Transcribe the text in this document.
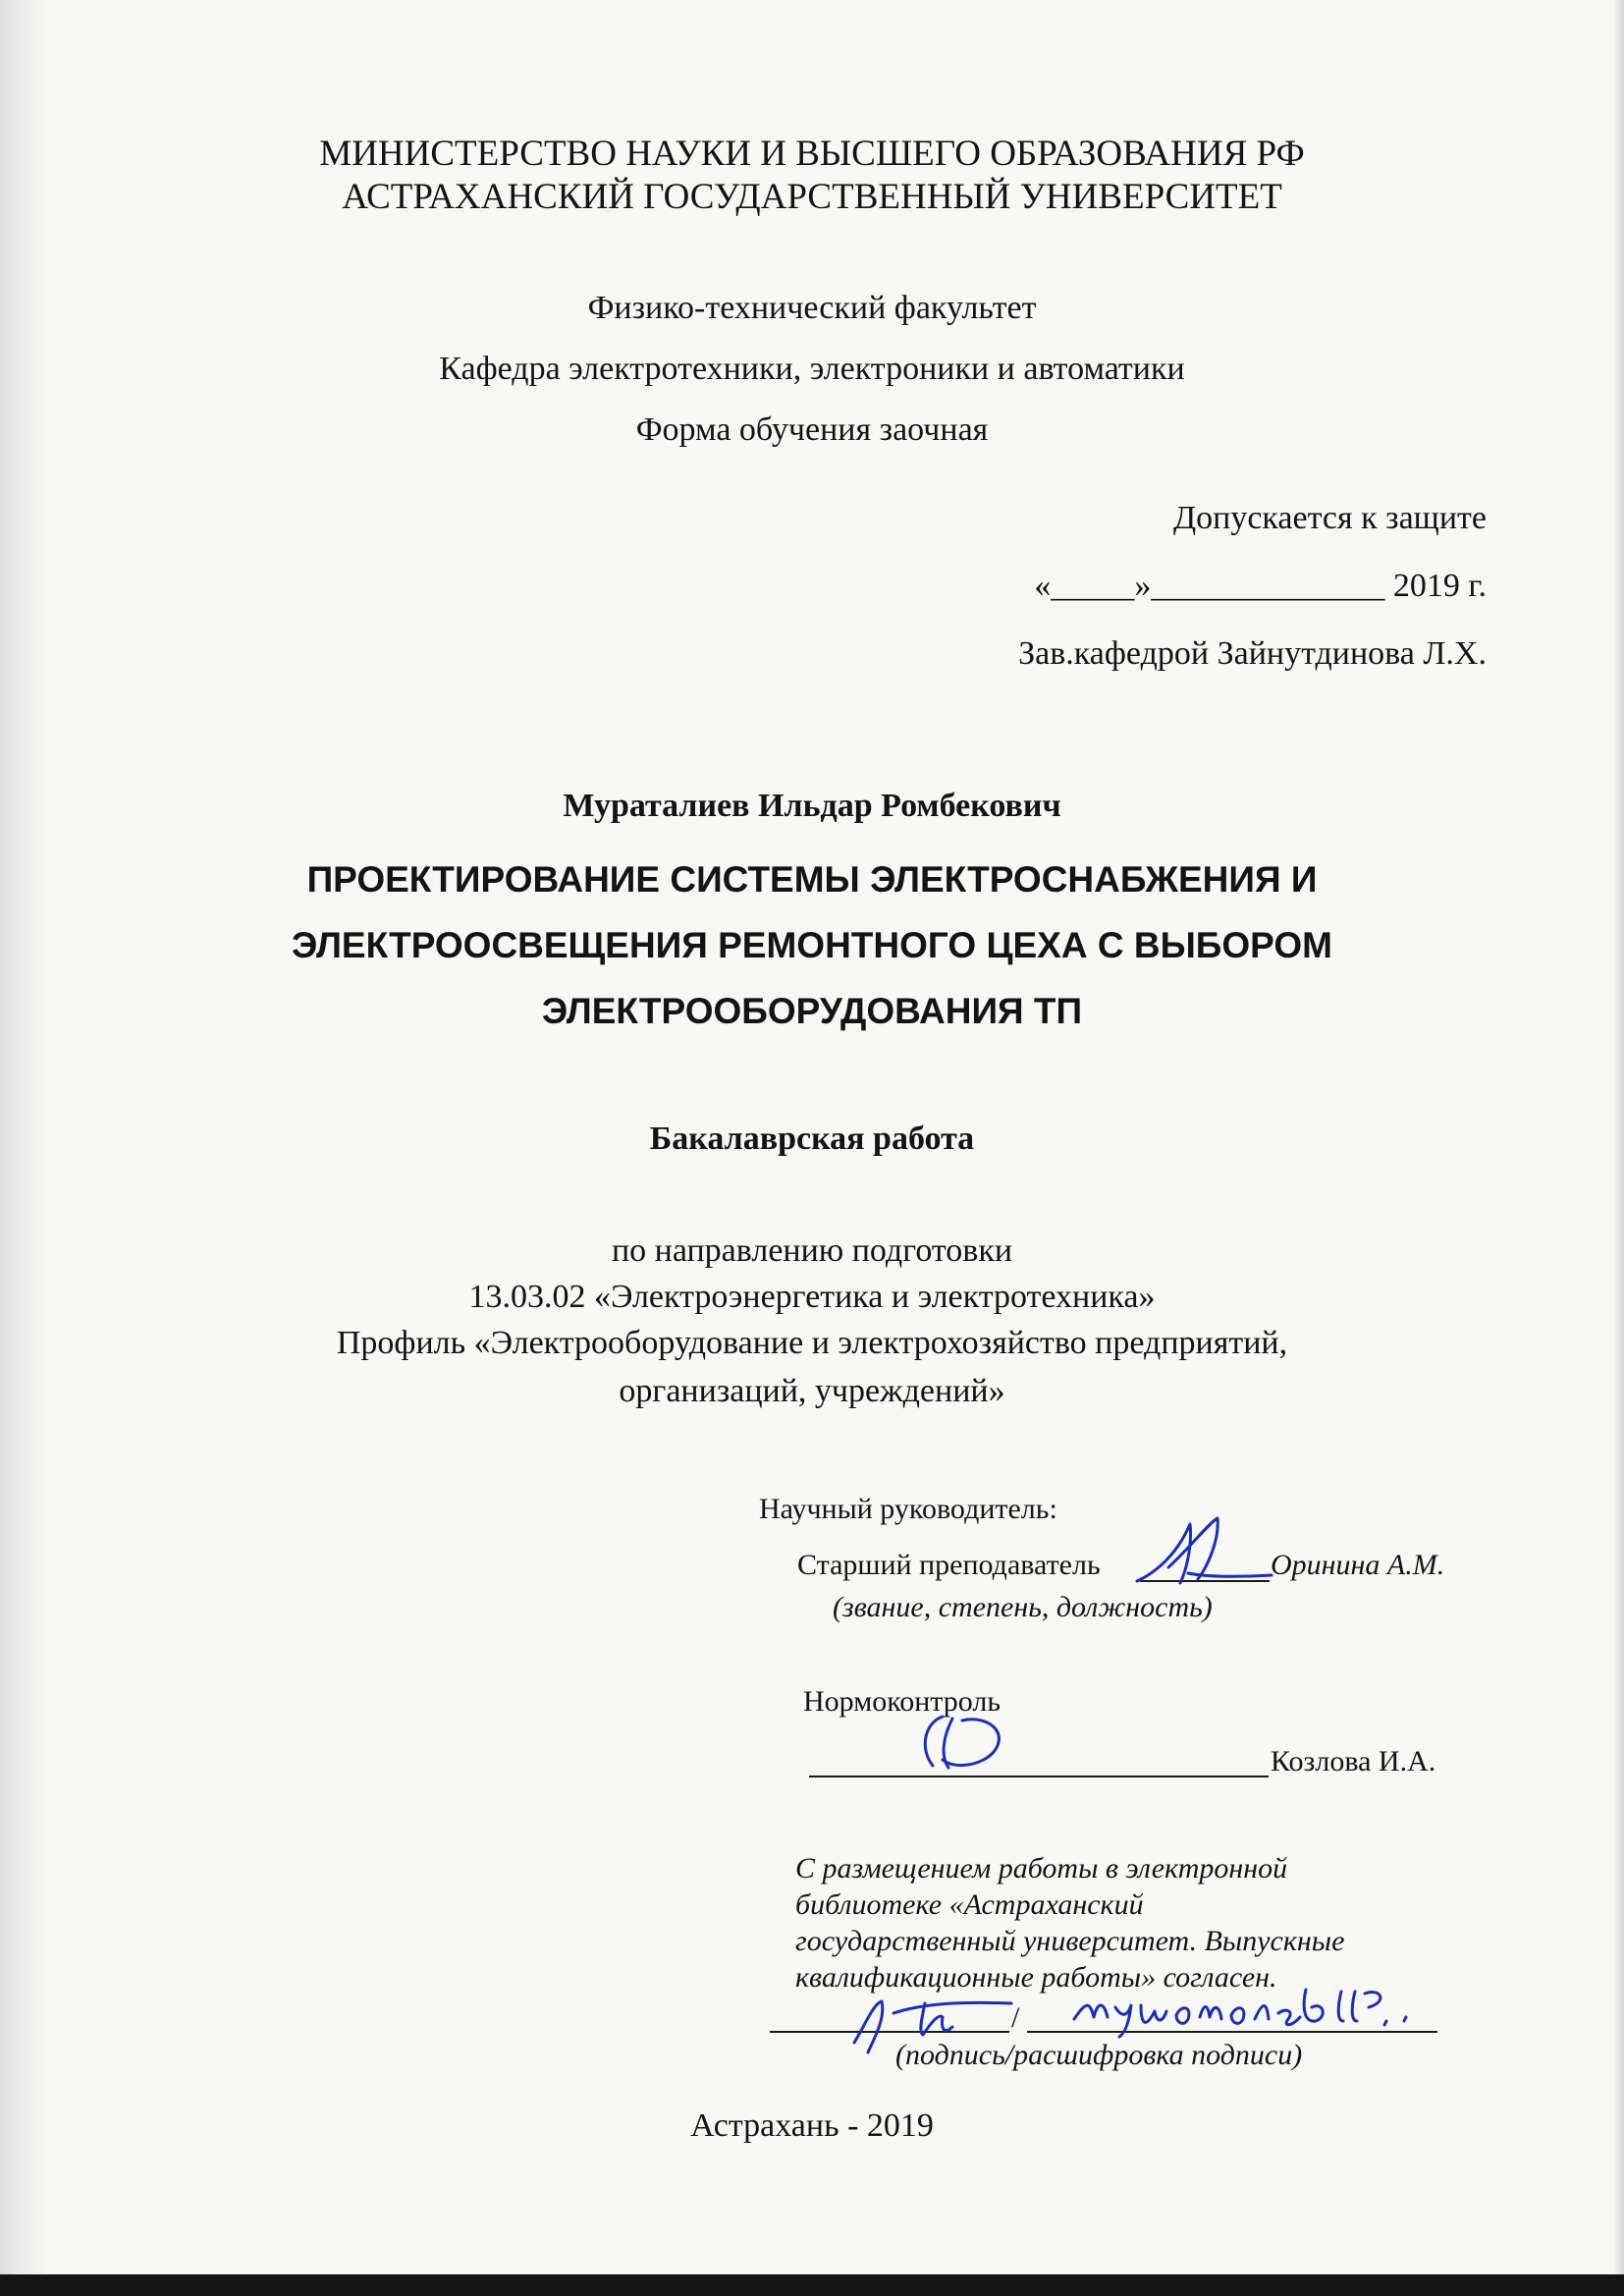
МИНИСТЕРСТВО НАУКИ И ВЫСШЕГО ОБРАЗОВАНИЯ РФ
АСТРАХАНСКИЙ ГОСУДАРСТВЕННЫЙ УНИВЕРСИТЕТ
Физико-технический факультет
Кафедра электротехники, электроники и автоматики
Форма обучения заочная
Допускается к защите
«_____»______________ 2019 г.
Зав.кафедрой Зайнутдинова Л.Х.
Мураталиев Ильдар Ромбекович
ПРОЕКТИРОВАНИЕ СИСТЕМЫ ЭЛЕКТРОСНАБЖЕНИЯ И
ЭЛЕКТРООСВЕЩЕНИЯ РЕМОНТНОГО ЦЕХА С ВЫБОРОМ
ЭЛЕКТРООБОРУДОВАНИЯ ТП
Бакалаврская работа
по направлению подготовки
13.03.02 «Электроэнергетика и электротехника»
Профиль «Электрооборудование и электрохозяйство предприятий,
организаций, учреждений»
Научный руководитель:
Старший преподаватель	Оринина А.М.
(звание, степень, должность)
Нормоконтроль
Козлова И.А.
С размещением работы в электронной
библиотеке «Астраханский
государственный университет. Выпускные
квалификационные работы» согласен.
/
(подпись/расшифровка подписи)
Астрахань - 2019
